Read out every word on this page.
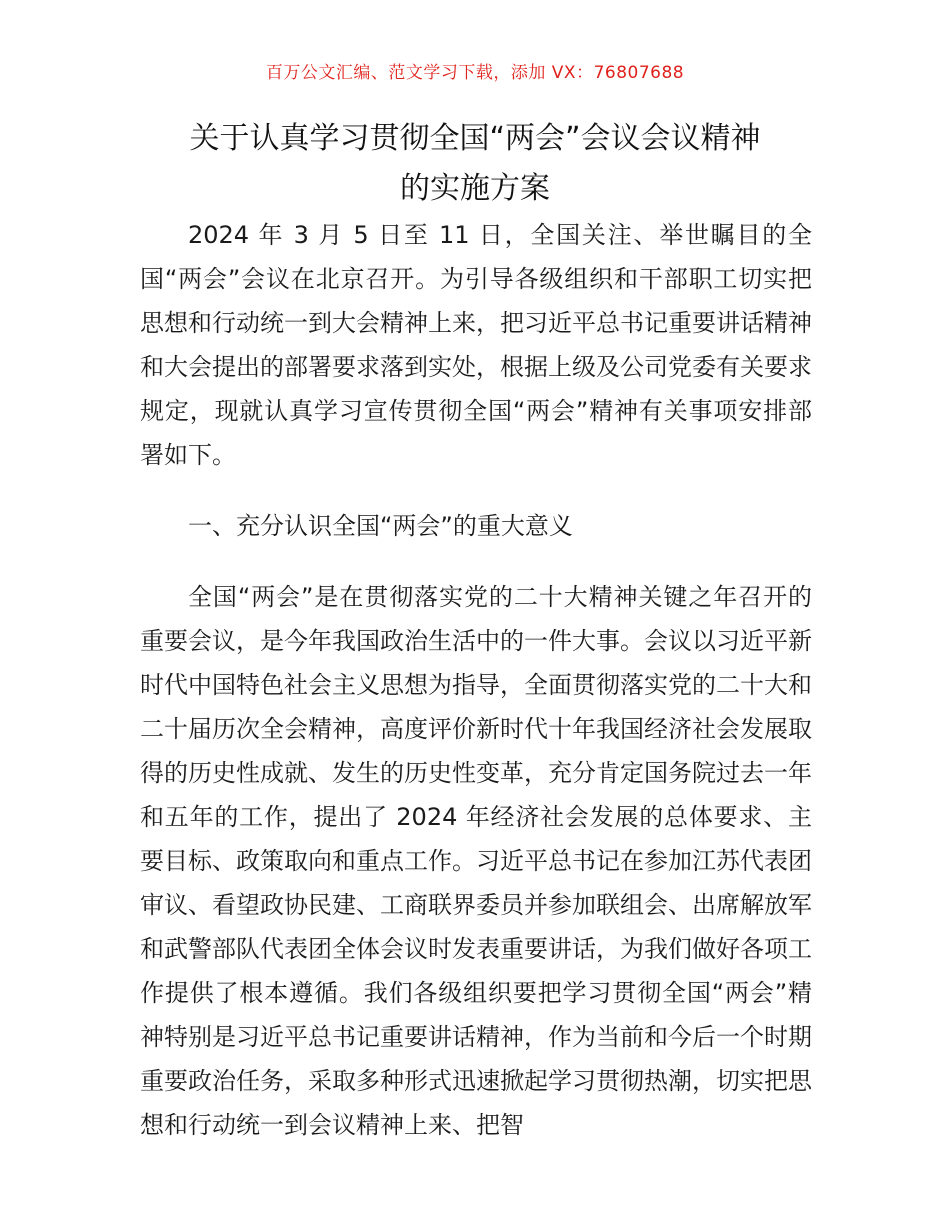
百万公文汇编、范文学习下载，添加 VX：76807688
关于认真学习贯彻全国“两会”会议会议精神
的实施方案

2024 年 3 月 5 日至 11 日，全国关注、举世瞩目的全国“两会”会议在北京召开。为引导各级组织和干部职工切实把思想和行动统一到大会精神上来，把习近平总书记重要讲话精神和大会提出的部署要求落到实处，根据上级及公司党委有关要求规定，现就认真学习宣传贯彻全国“两会”精神有关事项安排部署如下。

一、充分认识全国“两会”的重大意义

全国“两会”是在贯彻落实党的二十大精神关键之年召开的重要会议，是今年我国政治生活中的一件大事。会议以习近平新时代中国特色社会主义思想为指导，全面贯彻落实党的二十大和二十届历次全会精神，高度评价新时代十年我国经济社会发展取得的历史性成就、发生的历史性变革，充分肯定国务院过去一年和五年的工作，提出了 2024 年经济社会发展的总体要求、主要目标、政策取向和重点工作。习近平总书记在参加江苏代表团审议、看望政协民建、工商联界委员并参加联组会、出席解放军和武警部队代表团全体会议时发表重要讲话，为我们做好各项工作提供了根本遵循。我们各级组织要把学习贯彻全国“两会”精神特别是习近平总书记重要讲话精神，作为当前和今后一个时期重要政治任务，采取多种形式迅速掀起学习贯彻热潮，切实把思想和行动统一到会议精神上来、把智
